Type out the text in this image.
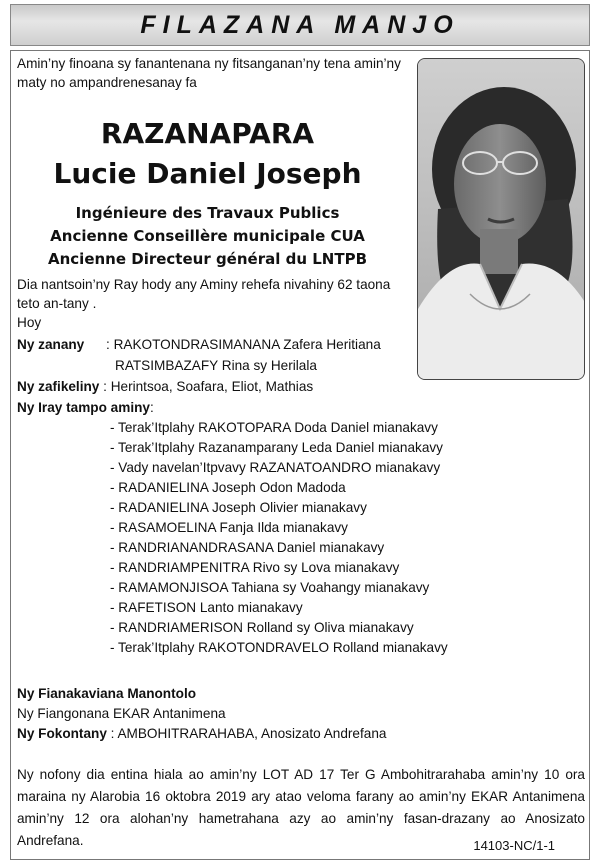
FILAZANA MANJO
Amin’ny finoana sy fanantenana ny fitsanganan’ny tena amin’ny
maty no ampandrenesanay fa
RAZANAPARA
Lucie Daniel Joseph
Ingénieure des Travaux Publics
Ancienne Conseillère municipale CUA
Ancienne Directeur général du LNTPB
Dia nantsoin’ny Ray hody any Aminy rehefa nivahiny 62 taona
teto an-tany .
Hoy
Ny zanany : RAKOTONDRASIMANANA Zafera Heritiana
RATSIMBAZAFY Rina sy Herilala
Ny zafikeliny : Herintsoa, Soafara, Eliot, Mathias
Ny Iray tampo aminy:
- Terak’Itplahy RAKOTOPARA Doda Daniel mianakavy
- Terak’Itplahy Razanamparany Leda Daniel mianakavy
- Vady navelan’Itpvavy RAZANATOANDRO mianakavy
- RADANIELINA Joseph Odon Madoda
- RADANIELINA Joseph Olivier mianakavy
- RASAMOELINA Fanja Ilda mianakavy
- RANDRIANANDRASANA Daniel mianakavy
- RANDRIAMPENITRA Rivo sy Lova mianakavy
- RAMAMONJISOA Tahiana sy Voahangy mianakavy
- RAFETISON Lanto mianakavy
- RANDRIAMERISON Rolland sy Oliva mianakavy
- Terak’Itplahy RAKOTONDRAVELO Rolland mianakavy
Ny Fianakaviana Manontolo
Ny Fiangonana EKAR Antanimena
Ny Fokontany : AMBOHITRARAHABA, Anosizato Andrefana
Ny nofony dia entina hiala ao amin’ny LOT AD 17 Ter G Ambohitrarahaba amin’ny 10 ora maraina ny Alarobia 16 oktobra 2019 ary atao veloma farany ao amin’ny EKAR Antanimena amin’ny 12 ora alohan’ny hametrahana azy ao amin’ny fasan-drazany ao Anosizato Andrefana.	14103-NC/1-1
